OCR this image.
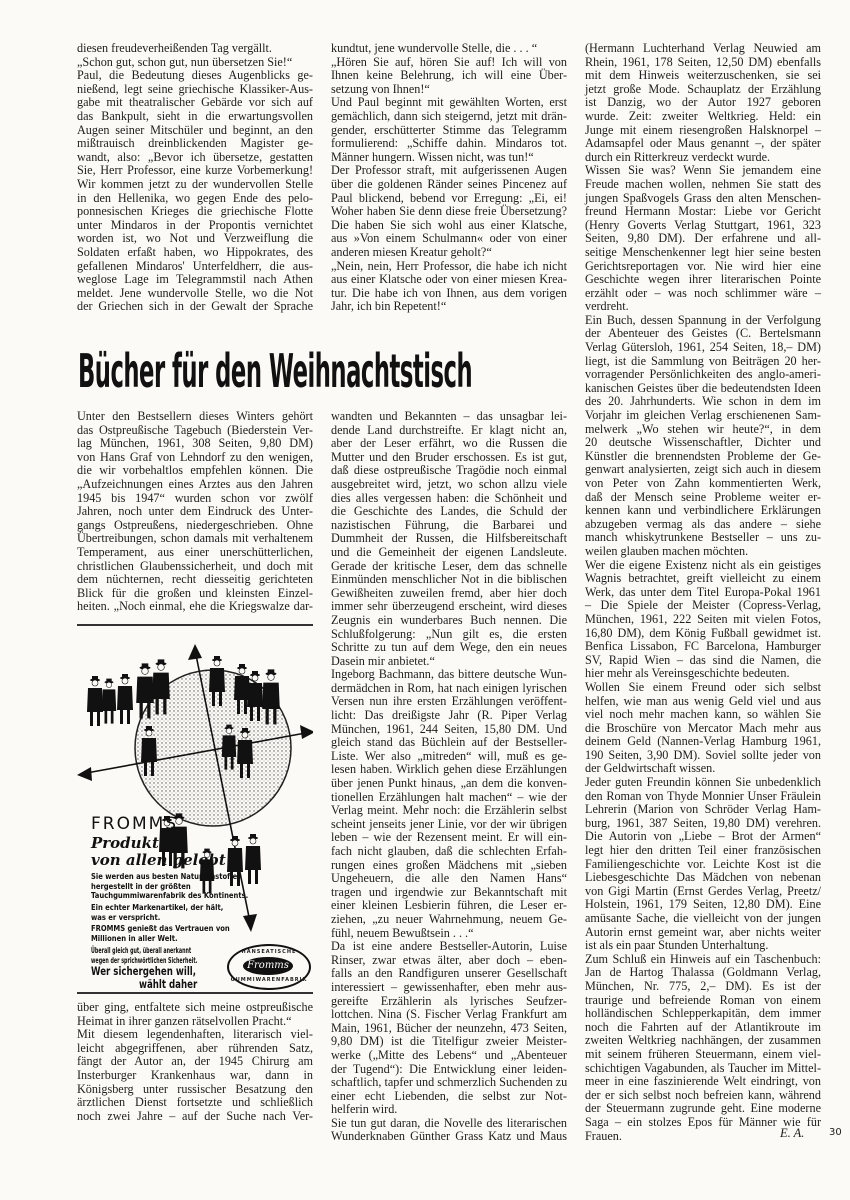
diesen freudeverheißenden Tag vergällt.
„Schon gut, schon gut, nun übersetzen Sie!“
Paul, die Bedeutung dieses Augenblicks ge-
nießend, legt seine griechische Klassiker-Aus-
gabe mit theatralischer Gebärde vor sich auf
das Bankpult, sieht in die erwartungsvollen
Augen seiner Mitschüler und beginnt, an den
mißtrauisch dreinblickenden Magister ge-
wandt, also: „Bevor ich übersetze, gestatten
Sie, Herr Professor, eine kurze Vorbemerkung!
Wir kommen jetzt zu der wundervollen Stelle
in den Hellenika, wo gegen Ende des pelo-
ponnesischen Krieges die griechische Flotte
unter Mindaros in der Propontis vernichtet
worden ist, wo Not und Verzweiflung die
Soldaten erfaßt haben, wo Hippokrates, des
gefallenen Mindaros' Unterfeldherr, die aus-
weglose Lage im Telegrammstil nach Athen
meldet. Jene wundervolle Stelle, wo die Not
der Griechen sich in der Gewalt der Sprache
kundtut, jene wundervolle Stelle, die . . . “
„Hören Sie auf, hören Sie auf! Ich will von
Ihnen keine Belehrung, ich will eine Über-
setzung von Ihnen!“
Und Paul beginnt mit gewählten Worten, erst
gemächlich, dann sich steigernd, jetzt mit drän-
gender, erschütterter Stimme das Telegramm
formulierend: „Schiffe dahin. Mindaros tot.
Männer hungern. Wissen nicht, was tun!“
Der Professor straft, mit aufgerissenen Augen
über die goldenen Ränder seines Pincenez auf
Paul blickend, bebend vor Erregung: „Ei, ei!
Woher haben Sie denn diese freie Übersetzung?
Die haben Sie sich wohl aus einer Klatsche,
aus »Von einem Schulmann« oder von einer
anderen miesen Kreatur geholt?“
„Nein, nein, Herr Professor, die habe ich nicht
aus einer Klatsche oder von einer miesen Krea-
tur. Die habe ich von Ihnen, aus dem vorigen
Jahr, ich bin Repetent!“
Bücher für den Weihnachtstisch
Unter den Bestsellern dieses Winters gehört
das Ostpreußische Tagebuch (Biederstein Ver-
lag München, 1961, 308 Seiten, 9,80 DM)
von Hans Graf von Lehndorf zu den wenigen,
die wir vorbehaltlos empfehlen können. Die
„Aufzeichnungen eines Arztes aus den Jahren
1945 bis 1947“ wurden schon vor zwölf
Jahren, noch unter dem Eindruck des Unter-
gangs Ostpreußens, niedergeschrieben. Ohne
Übertreibungen, schon damals mit verhaltenem
Temperament, aus einer unerschütterlichen,
christlichen Glaubenssicherheit, und doch mit
dem nüchternen, recht diesseitig gerichteten
Blick für die großen und kleinsten Einzel-
heiten. „Noch einmal, ehe die Kriegswalze dar-
über ging, entfaltete sich meine ostpreußische
Heimat in ihrer ganzen rätselvollen Pracht.“
Mit diesem legendenhaften, literarisch viel-
leicht abgegriffenen, aber rührenden Satz,
fängt der Autor an, der 1945 Chirurg am
Insterburger Krankenhaus war, dann in
Königsberg unter russischer Besatzung den
ärztlichen Dienst fortsetzte und schließlich
noch zwei Jahre – auf der Suche nach Ver-
wandten und Bekannten – das unsagbar lei-
dende Land durchstreifte. Er klagt nicht an,
aber der Leser erfährt, wo die Russen die
Mutter und den Bruder erschossen. Es ist gut,
daß diese ostpreußische Tragödie noch einmal
ausgebreitet wird, jetzt, wo schon allzu viele
dies alles vergessen haben: die Schönheit und
die Geschichte des Landes, die Schuld der
nazistischen Führung, die Barbarei und
Dummheit der Russen, die Hilfsbereitschaft
und die Gemeinheit der eigenen Landsleute.
Gerade der kritische Leser, dem das schnelle
Einmünden menschlicher Not in die biblischen
Gewißheiten zuweilen fremd, aber hier doch
immer sehr überzeugend erscheint, wird dieses
Zeugnis ein wunderbares Buch nennen. Die
Schlußfolgerung: „Nun gilt es, die ersten
Schritte zu tun auf dem Wege, den ein neues
Dasein mir anbietet.“
Ingeborg Bachmann, das bittere deutsche Wun-
dermädchen in Rom, hat nach einigen lyrischen
Versen nun ihre ersten Erzählungen veröffent-
licht: Das dreißigste Jahr (R. Piper Verlag
München, 1961, 244 Seiten, 15,80 DM. Und
gleich stand das Büchlein auf der Bestseller-
Liste. Wer also „mitreden“ will, muß es ge-
lesen haben. Wirklich gehen diese Erzählungen
über jenen Punkt hinaus, „an dem die konven-
tionellen Erzählungen halt machen“ – wie der
Verlag meint. Mehr noch: die Erzählerin selbst
scheint jenseits jener Linie, vor der wir übrigen
leben – wie der Rezensent meint. Er will ein-
fach nicht glauben, daß die schlechten Erfah-
rungen eines großen Mädchens mit „sieben
Ungeheuern, die alle den Namen Hans“
tragen und irgendwie zur Bekanntschaft mit
einer kleinen Lesbierin führen, die Leser er-
ziehen, „zu neuer Wahrnehmung, neuem Ge-
fühl, neuem Bewußtsein . . .“
Da ist eine andere Bestseller-Autorin, Luise
Rinser, zwar etwas älter, aber doch – eben-
falls an den Randfiguren unserer Gesellschaft
interessiert – gewissenhafter, eben mehr aus-
gereifte Erzählerin als lyrisches Seufzer-
lottchen. Nina (S. Fischer Verlag Frankfurt am
Main, 1961, Bücher der neunzehn, 473 Seiten,
9,80 DM) ist die Titelfigur zweier Meister-
werke („Mitte des Lebens“ und „Abenteuer
der Tugend“): Die Entwicklung einer leiden-
schaftlich, tapfer und schmerzlich Suchenden zu
einer echt Liebenden, die selbst zur Not-
helferin wird.
Sie tun gut daran, die Novelle des literarischen
Wunderknaben Günther Grass Katz und Maus
(Hermann Luchterhand Verlag Neuwied am
Rhein, 1961, 178 Seiten, 12,50 DM) ebenfalls
mit dem Hinweis weiterzuschenken, sie sei
jetzt große Mode. Schauplatz der Erzählung
ist Danzig, wo der Autor 1927 geboren
wurde. Zeit: zweiter Weltkrieg. Held: ein
Junge mit einem riesengroßen Halsknorpel –
Adamsapfel oder Maus genannt –, der später
durch ein Ritterkreuz verdeckt wurde.
Wissen Sie was? Wenn Sie jemandem eine
Freude machen wollen, nehmen Sie statt des
jungen Spaßvogels Grass den alten Menschen-
freund Hermann Mostar: Liebe vor Gericht
(Henry Goverts Verlag Stuttgart, 1961, 323
Seiten, 9,80 DM). Der erfahrene und all-
seitige Menschenkenner legt hier seine besten
Gerichtsreportagen vor. Nie wird hier eine
Geschichte wegen ihrer literarischen Pointe
erzählt oder – was noch schlimmer wäre –
verdreht.
Ein Buch, dessen Spannung in der Verfolgung
der Abenteuer des Geistes (C. Bertelsmann
Verlag Gütersloh, 1961, 254 Seiten, 18,– DM)
liegt, ist die Sammlung von Beiträgen 20 her-
vorragender Persönlichkeiten des anglo-ameri-
kanischen Geistes über die bedeutendsten Ideen
des 20. Jahrhunderts. Wie schon in dem im
Vorjahr im gleichen Verlag erschienenen Sam-
melwerk „Wo stehen wir heute?“, in dem
20 deutsche Wissenschaftler, Dichter und
Künstler die brennendsten Probleme der Ge-
genwart analysierten, zeigt sich auch in diesem
von Peter von Zahn kommentierten Werk,
daß der Mensch seine Probleme weiter er-
kennen kann und verbindlichere Erklärungen
abzugeben vermag als das andere – siehe
manch whiskytrunkene Bestseller – uns zu-
weilen glauben machen möchten.
Wer die eigene Existenz nicht als ein geistiges
Wagnis betrachtet, greift vielleicht zu einem
Werk, das unter dem Titel Europa-Pokal 1961
– Die Spiele der Meister (Copress-Verlag,
München, 1961, 222 Seiten mit vielen Fotos,
16,80 DM), dem König Fußball gewidmet ist.
Benfica Lissabon, FC Barcelona, Hamburger
SV, Rapid Wien – das sind die Namen, die
hier mehr als Vereinsgeschichte bedeuten.
Wollen Sie einem Freund oder sich selbst
helfen, wie man aus wenig Geld viel und aus
viel noch mehr machen kann, so wählen Sie
die Broschüre von Mercator Mach mehr aus
deinem Geld (Nannen-Verlag Hamburg 1961,
190 Seiten, 3,90 DM). Soviel sollte jeder von
der Geldwirtschaft wissen.
Jeder guten Freundin können Sie unbedenklich
den Roman von Thyde Monnier Unser Fräulein
Lehrerin (Marion von Schröder Verlag Ham-
burg, 1961, 387 Seiten, 19,80 DM) verehren.
Die Autorin von „Liebe – Brot der Armen“
legt hier den dritten Teil einer französischen
Familiengeschichte vor. Leichte Kost ist die
Liebesgeschichte Das Mädchen von nebenan
von Gigi Martin (Ernst Gerdes Verlag, Preetz/
Holstein, 1961, 179 Seiten, 12,80 DM). Eine
amüsante Sache, die vielleicht von der jungen
Autorin ernst gemeint war, aber nichts weiter
ist als ein paar Stunden Unterhaltung.
Zum Schluß ein Hinweis auf ein Taschenbuch:
Jan de Hartog Thalassa (Goldmann Verlag,
München, Nr. 775, 2,– DM). Es ist der
traurige und befreiende Roman von einem
holländischen Schlepperkapitän, dem immer
noch die Fahrten auf der Atlantikroute im
zweiten Weltkrieg nachhängen, der zusammen
mit seinem früheren Steuermann, einem viel-
schichtigen Vagabunden, als Taucher im Mittel-
meer in eine faszinierende Welt eindringt, von
der er sich selbst noch befreien kann, während
der Steuermann zugrunde geht. Eine moderne
Saga – ein stolzes Epos für Männer wie für
Frauen.	E. A. 30
FROMMS
Produkte
von allen gelobt
Sie werden aus besten Naturrohstoffen
hergestellt in der größten
Tauchgummiwarenfabrik des Kontinents.
Ein echter Markenartikel, der hält,
was er verspricht.
FROMMS genießt das Vertrauen von
Millionen in aller Welt.
Überall gleich gut, überall anerkannt
wegen der sprichwörtlichen Sicherheit.
Wer sichergehen will,
wählt daher
HANSEATISCHE
Fromms
GUMMIWARENFABRIK
